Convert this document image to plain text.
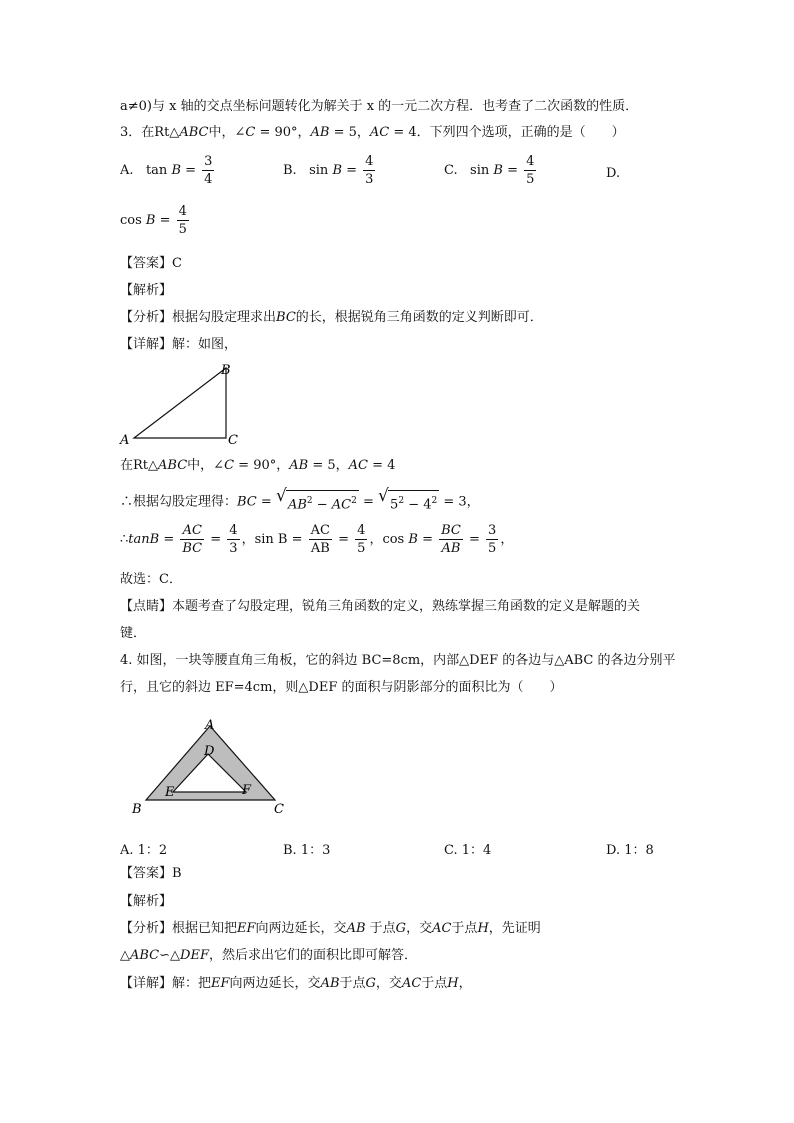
a≠0)与 x 轴的交点坐标问题转化为解关于 x 的一元二次方程．也考查了二次函数的性质．
3．在Rt△ABC中，∠C = 90°，AB = 5，AC = 4．下列四个选项，正确的是（　　）
A. $\tan B = \frac{3}{4}$	B. $\sin B = \frac{4}{3}$	C. $\sin B = \frac{4}{5}$	D.
$\cos B = \frac{4}{5}$
【答案】C
【解析】
【分析】根据勾股定理求出BC的长，根据锐角三角函数的定义判断即可．
【详解】解：如图，
B
A	C
在Rt△ABC中，∠C = 90°，AB = 5，AC = 4
∴根据勾股定理得：BC = √ $AB^2 - AC^2$ = √ $5^2 - 4^2 = 3$，
∴tanB = $\frac{AC}{BC} = \frac{4}{3}$ ，$\sin B = \frac{AC}{AB} = \frac{4}{5}$ ，$\cos B = \frac{BC}{AB} = \frac{3}{5}$ ，
故选：C．
【点睛】本题考查了勾股定理，锐角三角函数的定义，熟练掌握三角函数的定义是解题的关
键．
4. 如图，一块等腰直角三角板，它的斜边 BC=8cm，内部△DEF 的各边与△ABC 的各边分别平
行，且它的斜边 EF=4cm，则△DEF 的面积与阴影部分的面积比为（　　）
A
D
E	F
B	C
A. 1：2	B. 1：3	C. 1：4	D. 1：8
【答案】B
【解析】
【分析】根据已知把EF向两边延长，交AB 于点G，交AC于点H，先证明
△ABC∽△DEF，然后求出它们的面积比即可解答．
【详解】解：把EF向两边延长，交AB于点G，交AC于点H，
